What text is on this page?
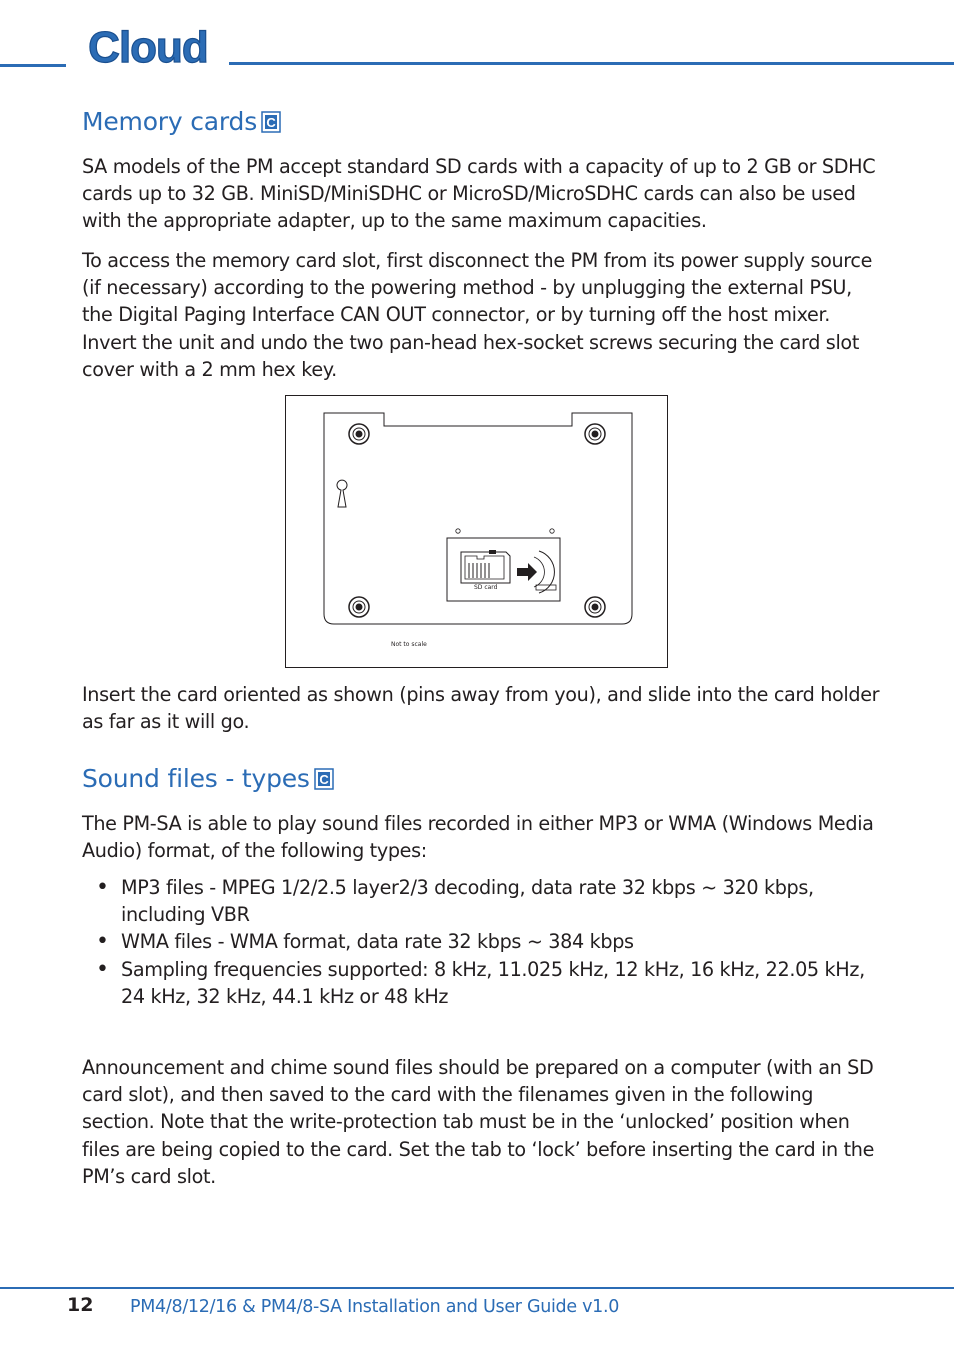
Cloud
Memory cards C

SA models of the PM accept standard SD cards with a capacity of up to 2 GB or SDHC cards up to 32 GB. MiniSD/MiniSDHC or MicroSD/MicroSDHC cards can also be used with the appropriate adapter, up to the same maximum capacities.

To access the memory card slot, first disconnect the PM from its power supply source (if necessary) according to the powering method - by unplugging the external PSU, the Digital Paging Interface CAN OUT connector, or by turning off the host mixer. Invert the unit and undo the two pan-head hex-socket screws securing the card slot cover with a 2 mm hex key.

SD card
Not to scale

Insert the card oriented as shown (pins away from you), and slide into the card holder as far as it will go.

Sound files - types C

The PM-SA is able to play sound files recorded in either MP3 or WMA (Windows Media Audio) format, of the following types:

• MP3 files - MPEG 1/2/2.5 layer2/3 decoding, data rate 32 kbps ~ 320 kbps, including VBR
• WMA files - WMA format, data rate 32 kbps ~ 384 kbps
• Sampling frequencies supported: 8 kHz, 11.025 kHz, 12 kHz, 16 kHz, 22.05 kHz, 24 kHz, 32 kHz, 44.1 kHz or 48 kHz

Announcement and chime sound files should be prepared on a computer (with an SD card slot), and then saved to the card with the filenames given in the following section. Note that the write-protection tab must be in the ‘unlocked’ position when files are being copied to the card. Set the tab to ‘lock’ before inserting the card in the PM’s card slot.

12 PM4/8/12/16 & PM4/8-SA Installation and User Guide v1.0
